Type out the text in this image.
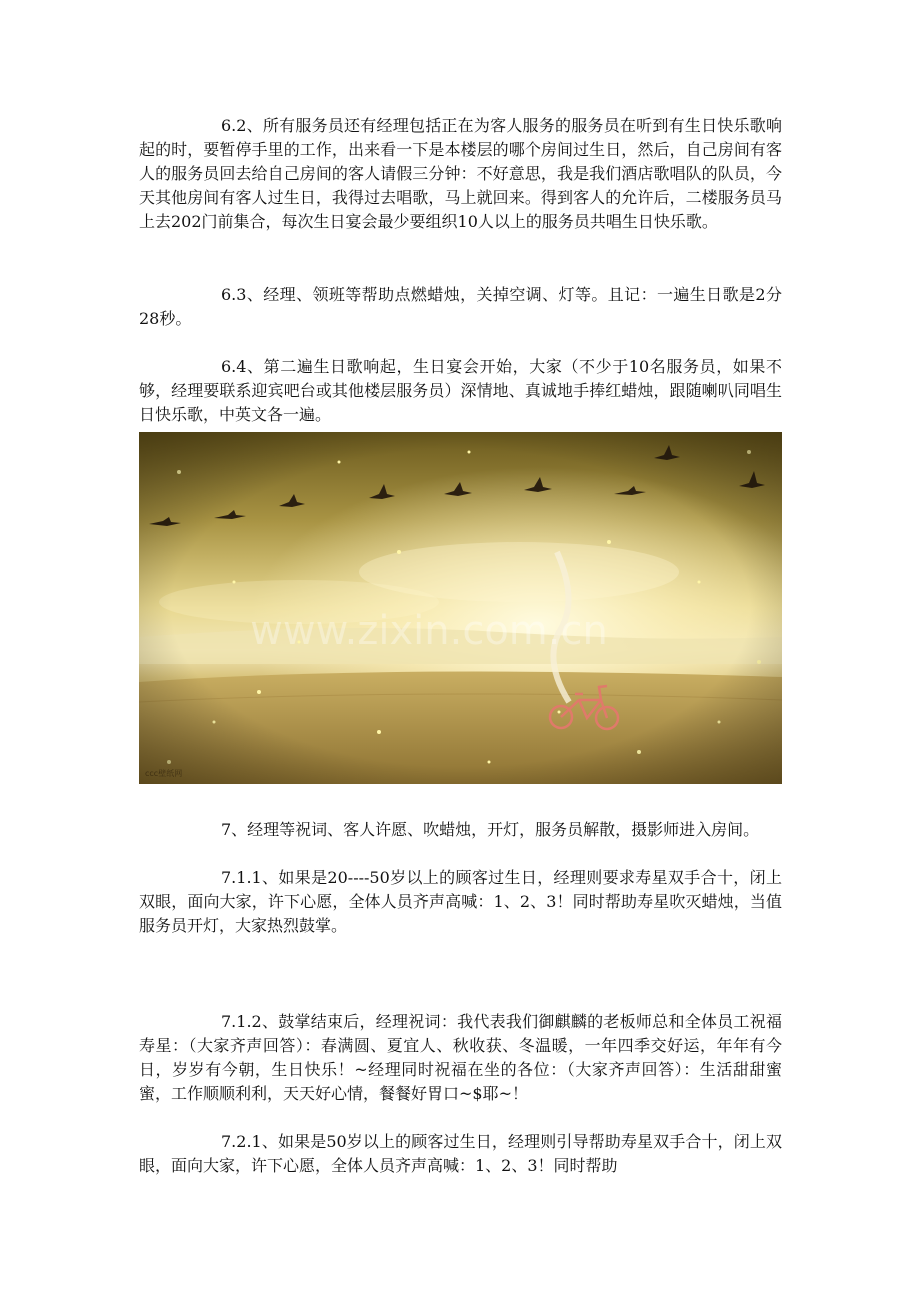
6.2、所有服务员还有经理包括正在为客人服务的服务员在听到有生日快乐歌响起的时，要暂停手里的工作，出来看一下是本楼层的哪个房间过生日，然后，自己房间有客人的服务员回去给自己房间的客人请假三分钟：不好意思，我是我们酒店歌唱队的队员，今天其他房间有客人过生日，我得过去唱歌，马上就回来。得到客人的允许后，二楼服务员马上去202门前集合，每次生日宴会最少要组织10人以上的服务员共唱生日快乐歌。

6.3、经理、领班等帮助点燃蜡烛，关掉空调、灯等。且记：一遍生日歌是2分28秒。

6.4、第二遍生日歌响起，生日宴会开始，大家（不少于10名服务员，如果不够，经理要联系迎宾吧台或其他楼层服务员）深情地、真诚地手捧红蜡烛，跟随喇叭同唱生日快乐歌，中英文各一遍。

7、经理等祝词、客人许愿、吹蜡烛，开灯，服务员解散，摄影师进入房间。

7.1.1、如果是20----50岁以上的顾客过生日，经理则要求寿星双手合十，闭上双眼，面向大家，许下心愿，全体人员齐声高喊：1、2、3！同时帮助寿星吹灭蜡烛，当值服务员开灯，大家热烈鼓掌。

7.1.2、鼓掌结束后，经理祝词：我代表我们御麒麟的老板师总和全体员工祝福寿星：（大家齐声回答）：春满圆、夏宜人、秋收获、冬温暖，一年四季交好运，年年有今日，岁岁有今朝，生日快乐！~经理同时祝福在坐的各位：（大家齐声回答）：生活甜甜蜜蜜，工作顺顺利利，天天好心情，餐餐好胃口~$耶~！

7.2.1、如果是50岁以上的顾客过生日，经理则引导帮助寿星双手合十，闭上双眼，面向大家，许下心愿，全体人员齐声高喊：1、2、3！同时帮助
